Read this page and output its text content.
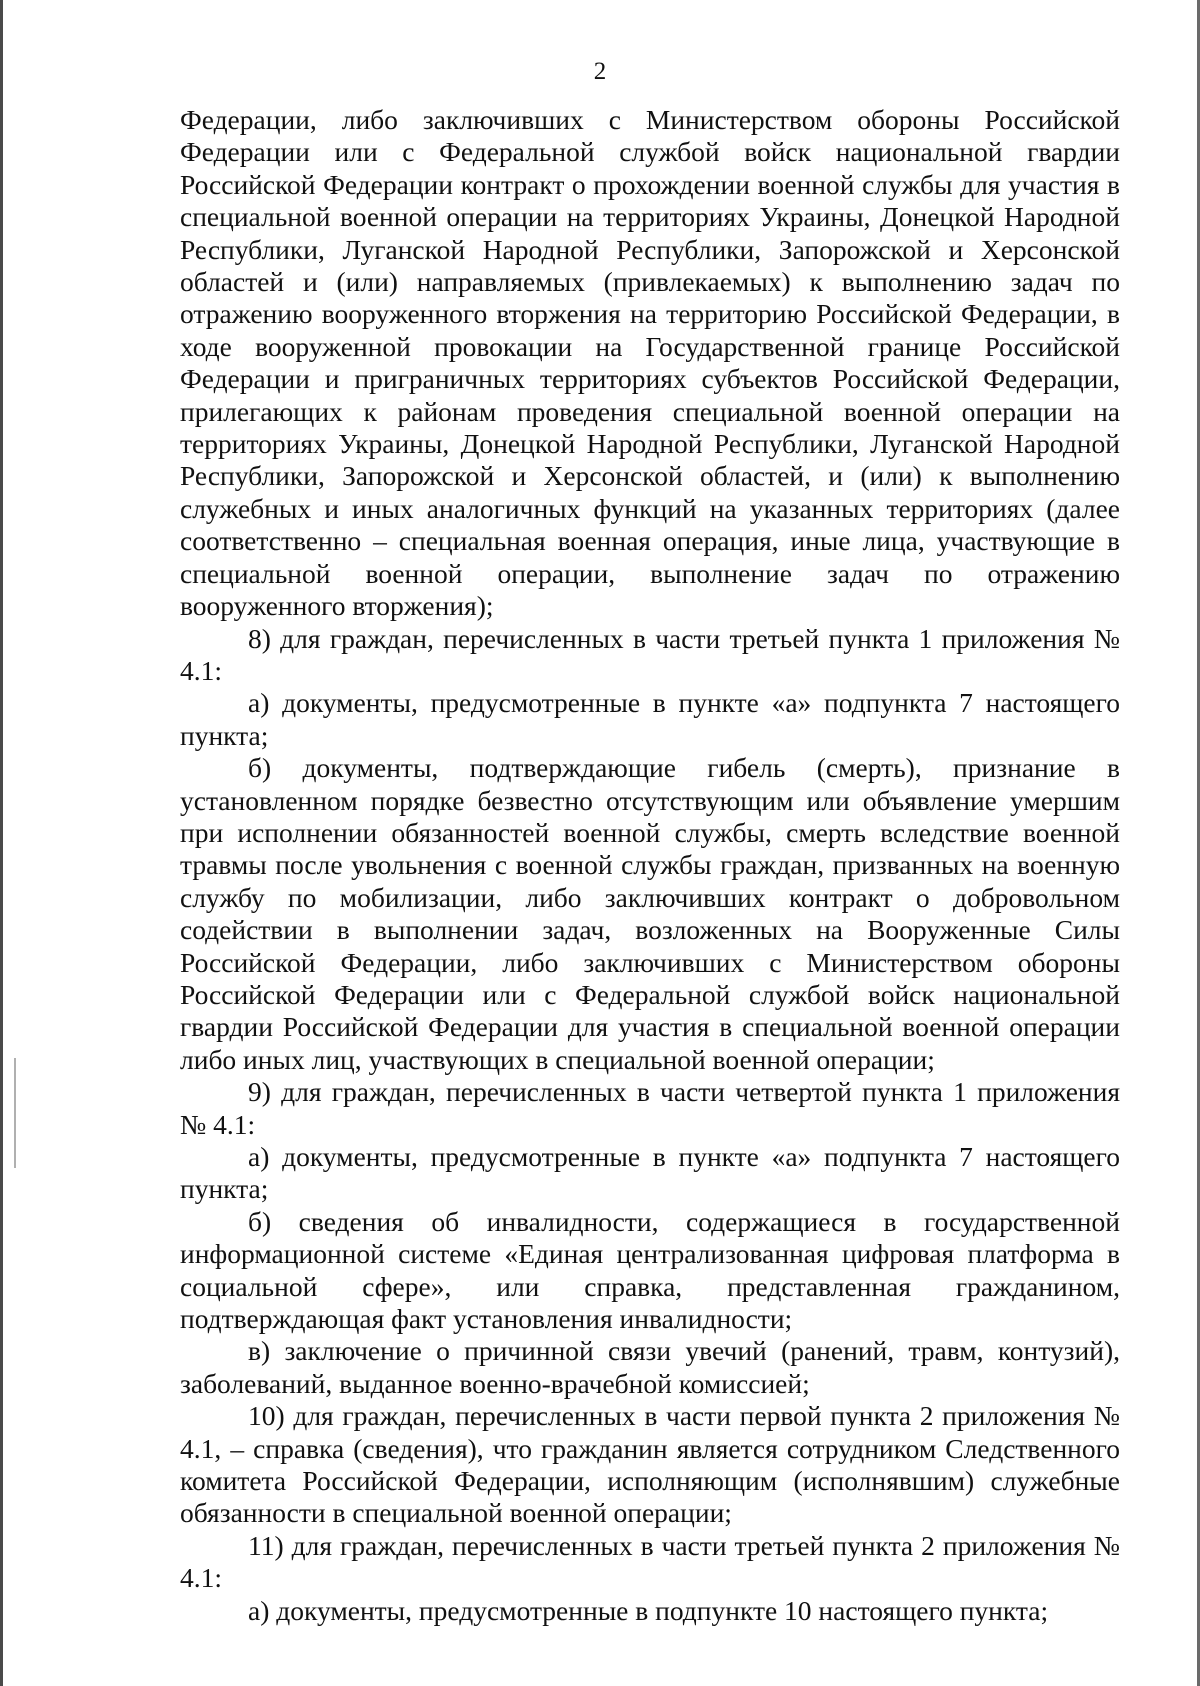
2

Федерации, либо заключивших с Министерством обороны Российской Федерации или с Федеральной службой войск национальной гвардии Российской Федерации контракт о прохождении военной службы для участия в специальной военной операции на территориях Украины, Донецкой Народной Республики, Луганской Народной Республики, Запорожской и Херсонской областей и (или) направляемых (привлекаемых) к выполнению задач по отражению вооруженного вторжения на территорию Российской Федерации, в ходе вооруженной провокации на Государственной границе Российской Федерации и приграничных территориях субъектов Российской Федерации, прилегающих к районам проведения специальной военной операции на территориях Украины, Донецкой Народной Республики, Луганской Народной Республики, Запорожской и Херсонской областей, и (или) к выполнению служебных и иных аналогичных функций на указанных территориях (далее соответственно – специальная военная операция, иные лица, участвующие в специальной военной операции, выполнение задач по отражению вооруженного вторжения);

8) для граждан, перечисленных в части третьей пункта 1 приложения № 4.1:

а) документы, предусмотренные в пункте «а» подпункта 7 настоящего пункта;

б) документы, подтверждающие гибель (смерть), признание в установленном порядке безвестно отсутствующим или объявление умершим при исполнении обязанностей военной службы, смерть вследствие военной травмы после увольнения с военной службы граждан, призванных на военную службу по мобилизации, либо заключивших контракт о добровольном содействии в выполнении задач, возложенных на Вооруженные Силы Российской Федерации, либо заключивших с Министерством обороны Российской Федерации или с Федеральной службой войск национальной гвардии Российской Федерации для участия в специальной военной операции либо иных лиц, участвующих в специальной военной операции;

9) для граждан, перечисленных в части четвертой пункта 1 приложения № 4.1:

а) документы, предусмотренные в пункте «а» подпункта 7 настоящего пункта;

б) сведения об инвалидности, содержащиеся в государственной информационной системе «Единая централизованная цифровая платформа в социальной сфере», или справка, представленная гражданином, подтверждающая факт установления инвалидности;

в) заключение о причинной связи увечий (ранений, травм, контузий), заболеваний, выданное военно-врачебной комиссией;

10) для граждан, перечисленных в части первой пункта 2 приложения № 4.1, – справка (сведения), что гражданин является сотрудником Следственного комитета Российской Федерации, исполняющим (исполнявшим) служебные обязанности в специальной военной операции;

11) для граждан, перечисленных в части третьей пункта 2 приложения № 4.1:

а) документы, предусмотренные в подпункте 10 настоящего пункта;
